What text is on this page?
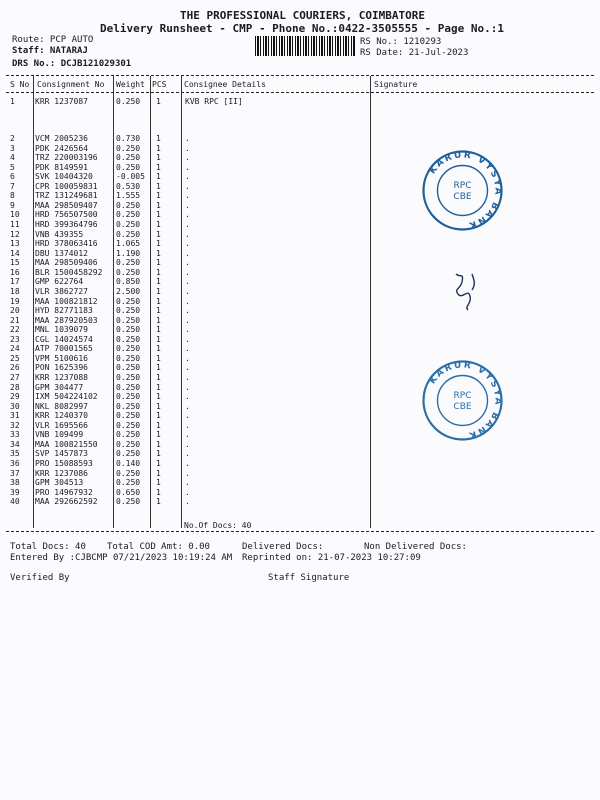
THE PROFESSIONAL COURIERS, COIMBATORE
Delivery Runsheet - CMP - Phone No.:0422-3505555 - Page No.:1
Route: PCP AUTO
Staff: NATARAJ
DRS No.: DCJB121029301
RS No.: 1210293
RS Date: 21-Jul-2023
S No Consignment No Weight PCS Consignee Details	Signature
1	KRR 1237087	0.250 1	KVB RPC [II]
2	VCM 2005236	0.730 1	.
3	PDK 2426564	0.250 1	.
4	TRZ 220003196 0.250 1	.
5	PDK 8149591	0.250 1	.
6	SVK 10404320	-0.005 1	.
7	CPR 100059831 0.530 1	.
8	TRZ 131249681 1.555 1	.
9	MAA 298509407 0.250 1	.
10 HRD 756507500 0.250 1	.
11 HRD 399364796 0.250 1	.
12 VNB 439355	0.250 1	.
13 HRD 378063416 1.065 1	.
14 DBU 1374012	1.190 1	.
15 MAA 298509406 0.250 1	.
16 BLR 1500458292 0.250 1	.
17 GMP 622764	0.850 1	.
18 VLR 3862727	2.500 1	.
19 MAA 100821812 0.250 1	.
20 HYD 82771183	0.250 1	.
21 MAA 287920503 0.250 1	.
22 MNL 1039079	0.250 1	.
23 CGL 14024574	0.250 1	.
24 ATP 70001565	0.250 1	.
25 VPM 5100616	0.250 1	.
26 PON 1625396	0.250 1	.
27 KRR 1237088	0.250 1	.
28 GPM 304477	0.250 1	.
29 IXM 504224102 0.250 1	.
30 NKL 8082997	0.250 1	.
31 KRR 1240370	0.250 1	.
32 VLR 1695566	0.250 1	.
33 VNB 109499	0.250 1	.
34 MAA 100821550 0.250 1	.
35 SVP 1457873	0.250 1	.
36 PRO 15088593	0.140 1	.
37 KRR 1237086	0.250 1	.
38 GPM 304513	0.250 1	.
39 PRO 14967932	0.650 1	.
40 MAA 292662592 0.250 1	.
No.Of Docs: 40
Total Docs: 40 Total COD Amt: 0.00	Delivered Docs:	Non Delivered Docs:
Entered By :CJBCMP 07/21/2023 10:19:24 AM Reprinted on: 21-07-2023 10:27:09
Verified By	Staff Signature
KARUR VYSYA BANK
RPC
CBE
KARUR VYSYA BANK
RPC
CBE
